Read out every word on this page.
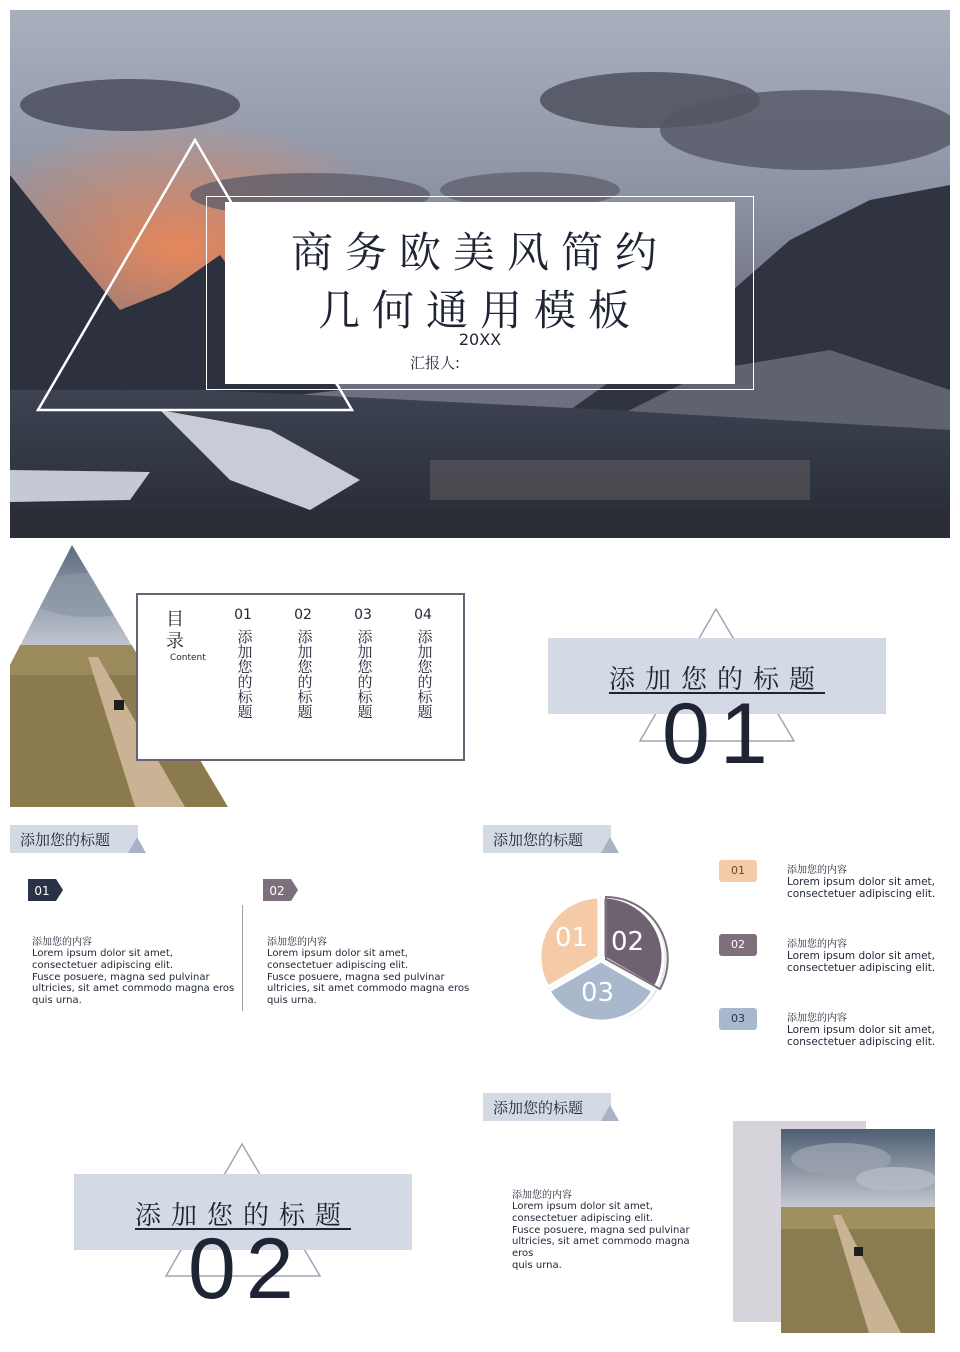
商务欧美风简约
几何通用模板
20XX
汇报人:
目
录
Content
01
添加您的标题
02
添加您的标题
03
添加您的标题
04
添加您的标题	添加您的标题
01
添加您的标题
01	02
添加您的内容
Lorem ipsum dolor sit amet,
consectetuer adipiscing elit.
Fusce posuere, magna sed pulvinar
ultricies, sit amet commodo magna eros
quis urna.
添加您的内容
Lorem ipsum dolor sit amet,
consectetuer adipiscing elit.
Fusce posuere, magna sed pulvinar
ultricies, sit amet commodo magna eros
quis urna.
添加您的标题
01 02
03
01	添加您的内容
Lorem ipsum dolor sit amet,
consectetuer adipiscing elit.
02	添加您的内容
Lorem ipsum dolor sit amet,
consectetuer adipiscing elit.
03	添加您的内容
Lorem ipsum dolor sit amet,
consectetuer adipiscing elit.
添加您的标题
02
添加您的标题
添加您的内容
Lorem ipsum dolor sit amet,
consectetuer adipiscing elit.
Fusce posuere, magna sed pulvinar
ultricies, sit amet commodo magna eros
quis urna.
